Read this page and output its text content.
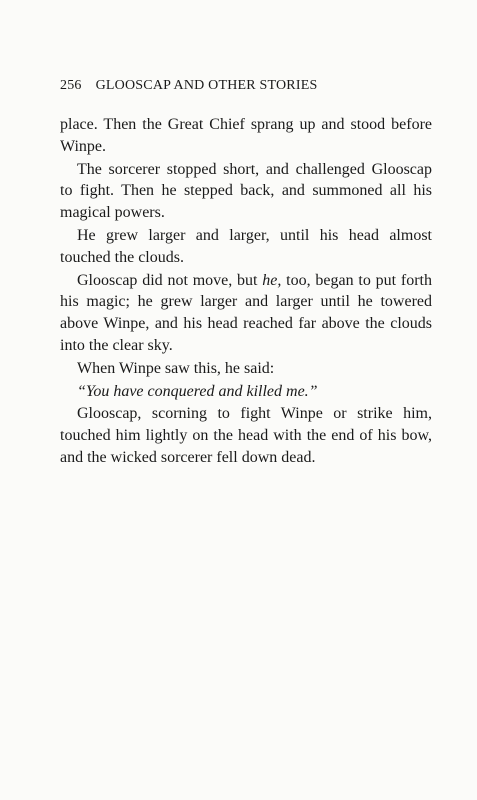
256 GLOOSCAP AND OTHER STORIES

place. Then the Great Chief sprang up and stood before Winpe.

The sorcerer stopped short, and challenged Glooscap to fight. Then he stepped back, and summoned all his magical powers.

He grew larger and larger, until his head almost touched the clouds.

Glooscap did not move, but he, too, began to put forth his magic; he grew larger and larger until he towered above Winpe, and his head reached far above the clouds into the clear sky.

When Winpe saw this, he said:

“You have conquered and killed me.”

Glooscap, scorning to fight Winpe or strike him, touched him lightly on the head with the end of his bow, and the wicked sorcerer fell down dead.
